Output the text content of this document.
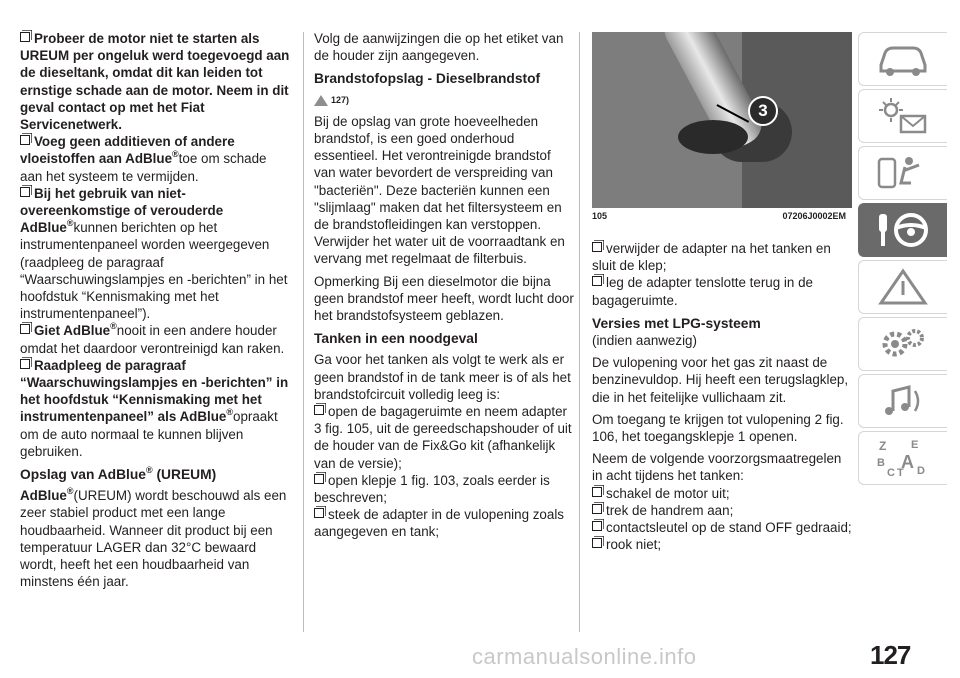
Probeer de motor niet te starten als UREUM per ongeluk werd toegevoegd aan de dieseltank, omdat dit kan leiden tot ernstige schade aan de motor. Neem in dit geval contact op met het Fiat Servicenetwerk.
Voeg geen additieven of andere vloeistoffen aan AdBlue®toe om schade aan het systeem te vermijden.
Bij het gebruik van niet-overeenkomstige of verouderde AdBlue®kunnen berichten op het instrumentenpaneel worden weergegeven (raadpleeg de paragraaf “Waarschuwingslampjes en -berichten” in het hoofdstuk “Kennismaking met het instrumentenpaneel”).
Giet AdBlue®nooit in een andere houder omdat het daardoor verontreinigd kan raken.
Raadpleeg de paragraaf “Waarschuwingslampjes en -berichten” in het hoofdstuk “Kennismaking met het instrumentenpaneel” als AdBlue®opraakt om de auto normaal te kunnen blijven gebruiken.
Opslag van AdBlue® (UREUM)
AdBlue®(UREUM) wordt beschouwd als een zeer stabiel product met een lange houdbaarheid. Wanneer dit product bij een temperatuur LAGER dan 32°C bewaard wordt, heeft het een houdbaarheid van minstens één jaar.
Volg de aanwijzingen die op het etiket van de houder zijn aangegeven.
Brandstofopslag - Dieselbrandstof
127)
Bij de opslag van grote hoeveelheden brandstof, is een goed onderhoud essentieel. Het verontreinigde brandstof van water bevordert de verspreiding van "bacteriën". Deze bacteriën kunnen een "slijmlaag" maken dat het filtersysteem en de brandstofleidingen kan verstoppen. Verwijder het water uit de voorraadtank en vervang met regelmaat de filterbuis.
Opmerking Bij een dieselmotor die bijna geen brandstof meer heeft, wordt lucht door het brandstofsysteem geblazen.
Tanken in een noodgeval
Ga voor het tanken als volgt te werk als er geen brandstof in de tank meer is of als het brandstofcircuit volledig leeg is:
open de bagageruimte en neem adapter 3 fig. 105, uit de gereedschapshouder of uit de houder van de Fix&Go kit (afhankelijk van de versie);
open klepje 1 fig. 103, zoals eerder is beschreven;
steek de adapter in de vulopening zoals aangegeven en tank;
3
105	07206J0002EM
verwijder de adapter na het tanken en sluit de klep;
leg de adapter tenslotte terug in de bagageruimte.
Versies met LPG-systeem
(indien aanwezig)
De vulopening voor het gas zit naast de benzinevuldop. Hij heeft een terugslagklep, die in het feitelijke vullichaam zit.
Om toegang te krijgen tot vulopening 2 fig. 106, het toegangsklepje 1 openen.
Neem de volgende voorzorgsmaatregelen in acht tijdens het tanken:
schakel de motor uit;
trek de handrem aan;
contactsleutel op de stand OFF gedraaid;
rook niet;
Z E
B A
C T D
carmanualsonline.info	127
